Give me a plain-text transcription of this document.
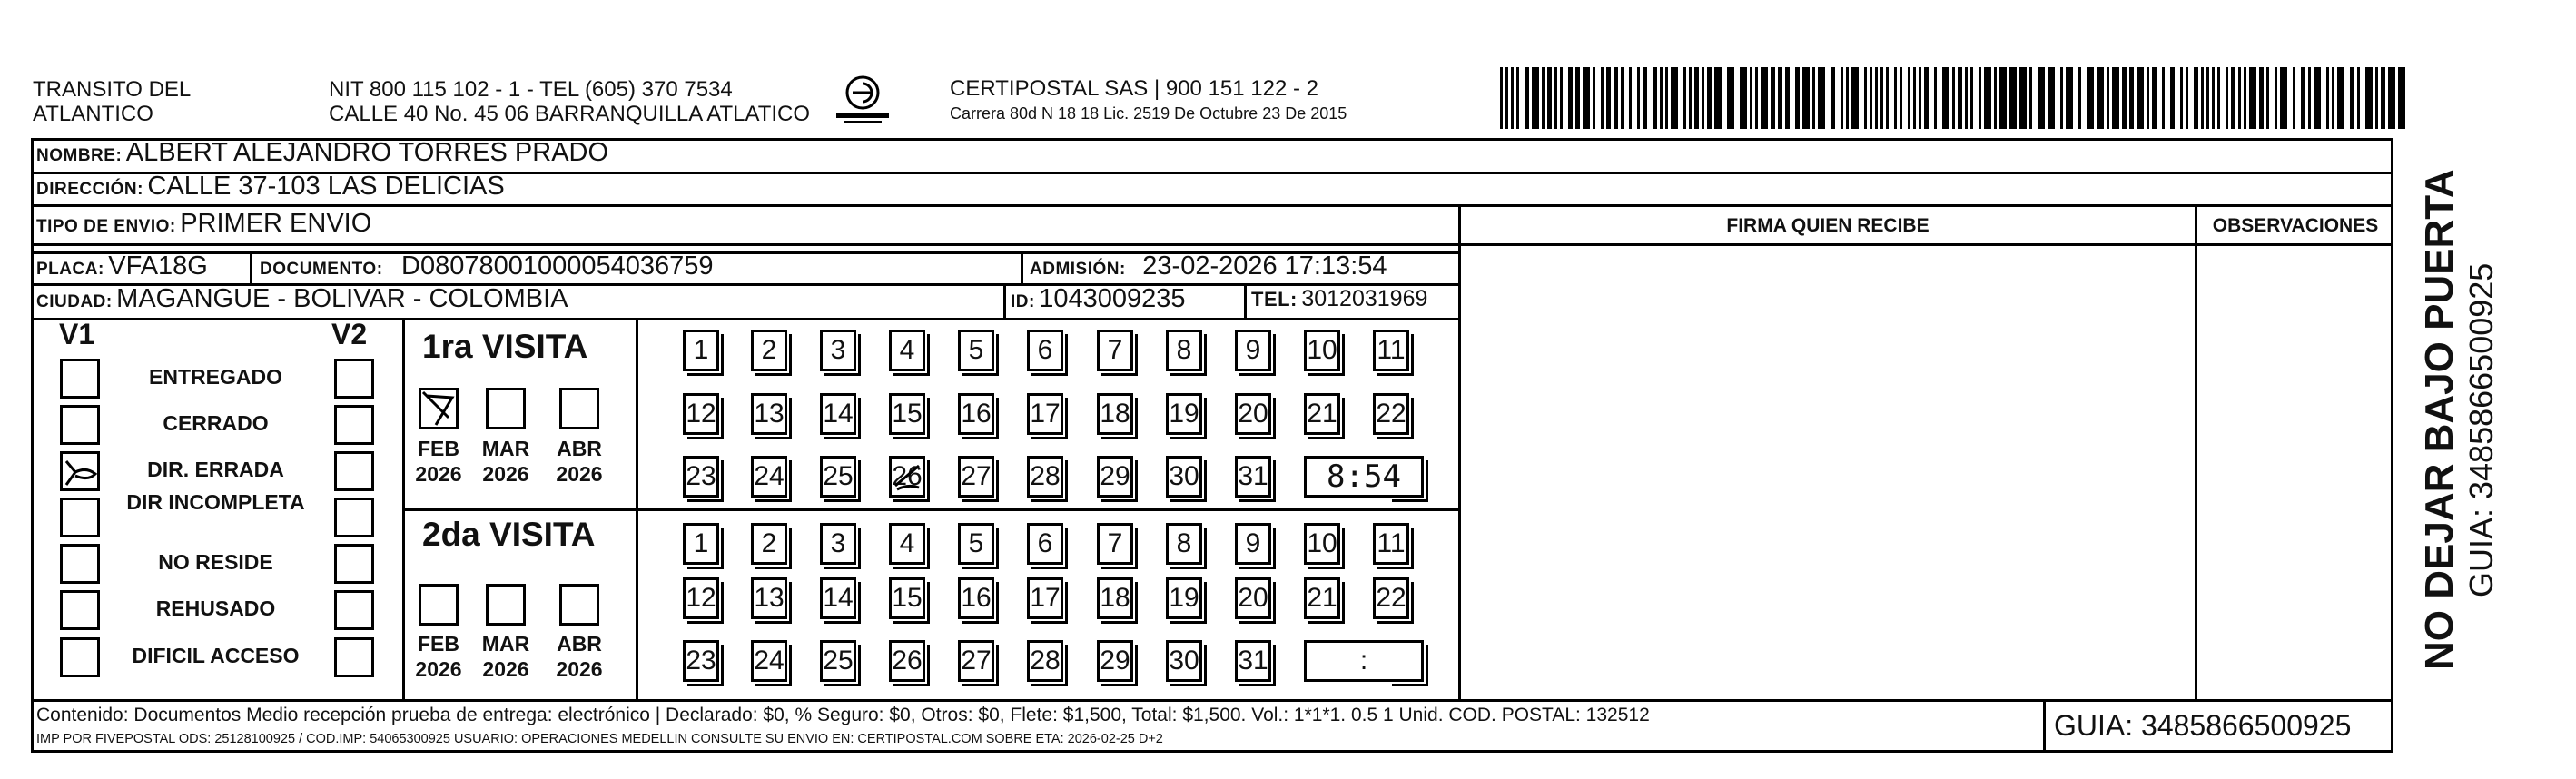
TRANSITO DEL
ATLANTICO
NIT 800 115 102 - 1 - TEL (605) 370 7534
CALLE 40 No. 45 06 BARRANQUILLA ATLATICO
CERTIPOSTAL SAS | 900 151 122 - 2
Carrera 80d N 18 18 Lic. 2519 De Octubre 23 De 2015
NOMBRE: ALBERT ALEJANDRO TORRES PRADO
DIRECCIÓN: CALLE 37-103 LAS DELICIAS
TIPO DE ENVIO: PRIMER ENVIO
PLACA: VFA18G	DOCUMENTO: D08078001000054036759	ADMISIÓN: 23-02-2026 17:13:54
CIUDAD: MAGANGUE - BOLIVAR - COLOMBIA	ID: 1043009235	TEL: 3012031969
FIRMA QUIEN RECIBE	OBSERVACIONES
V1	V2
ENTREGADO
CERRADO
DIR. ERRADA
DIR INCOMPLETA
NO RESIDE
REHUSADO
DIFICIL ACCESO
1ra VISITA
2da VISITA
FEB
2026
MAR
2026
ABR
2026
FEB
2026
MAR
2026
ABR
2026
1	2	3	4	5	6	7	8	9	10 11
12 13 14 15 16 17 18 19 20 21 22
23 24 25 26 27 28 29 30 31	8:54
1	2	3	4	5	6	7	8	9	10 11
12 13 14 15 16 17 18 19 20 21 22
23 24 25 26 27 28 29 30 31	:
Contenido: Documentos Medio recepción prueba de entrega: electrónico | Declarado: $0, % Seguro: $0, Otros: $0, Flete: $1,500, Total: $1,500. Vol.: 1*1*1. 0.5 1 Unid. COD. POSTAL: 132512
IMP POR FIVEPOSTAL ODS: 25128100925 / COD.IMP: 54065300925 USUARIO: OPERACIONES MEDELLIN CONSULTE SU ENVIO EN: CERTIPOSTAL.COM SOBRE ETA: 2026-02-25 D+2	GUIA: 3485866500925
NO DEJAR BAJO PUERTA GUIA: 3485866500925
